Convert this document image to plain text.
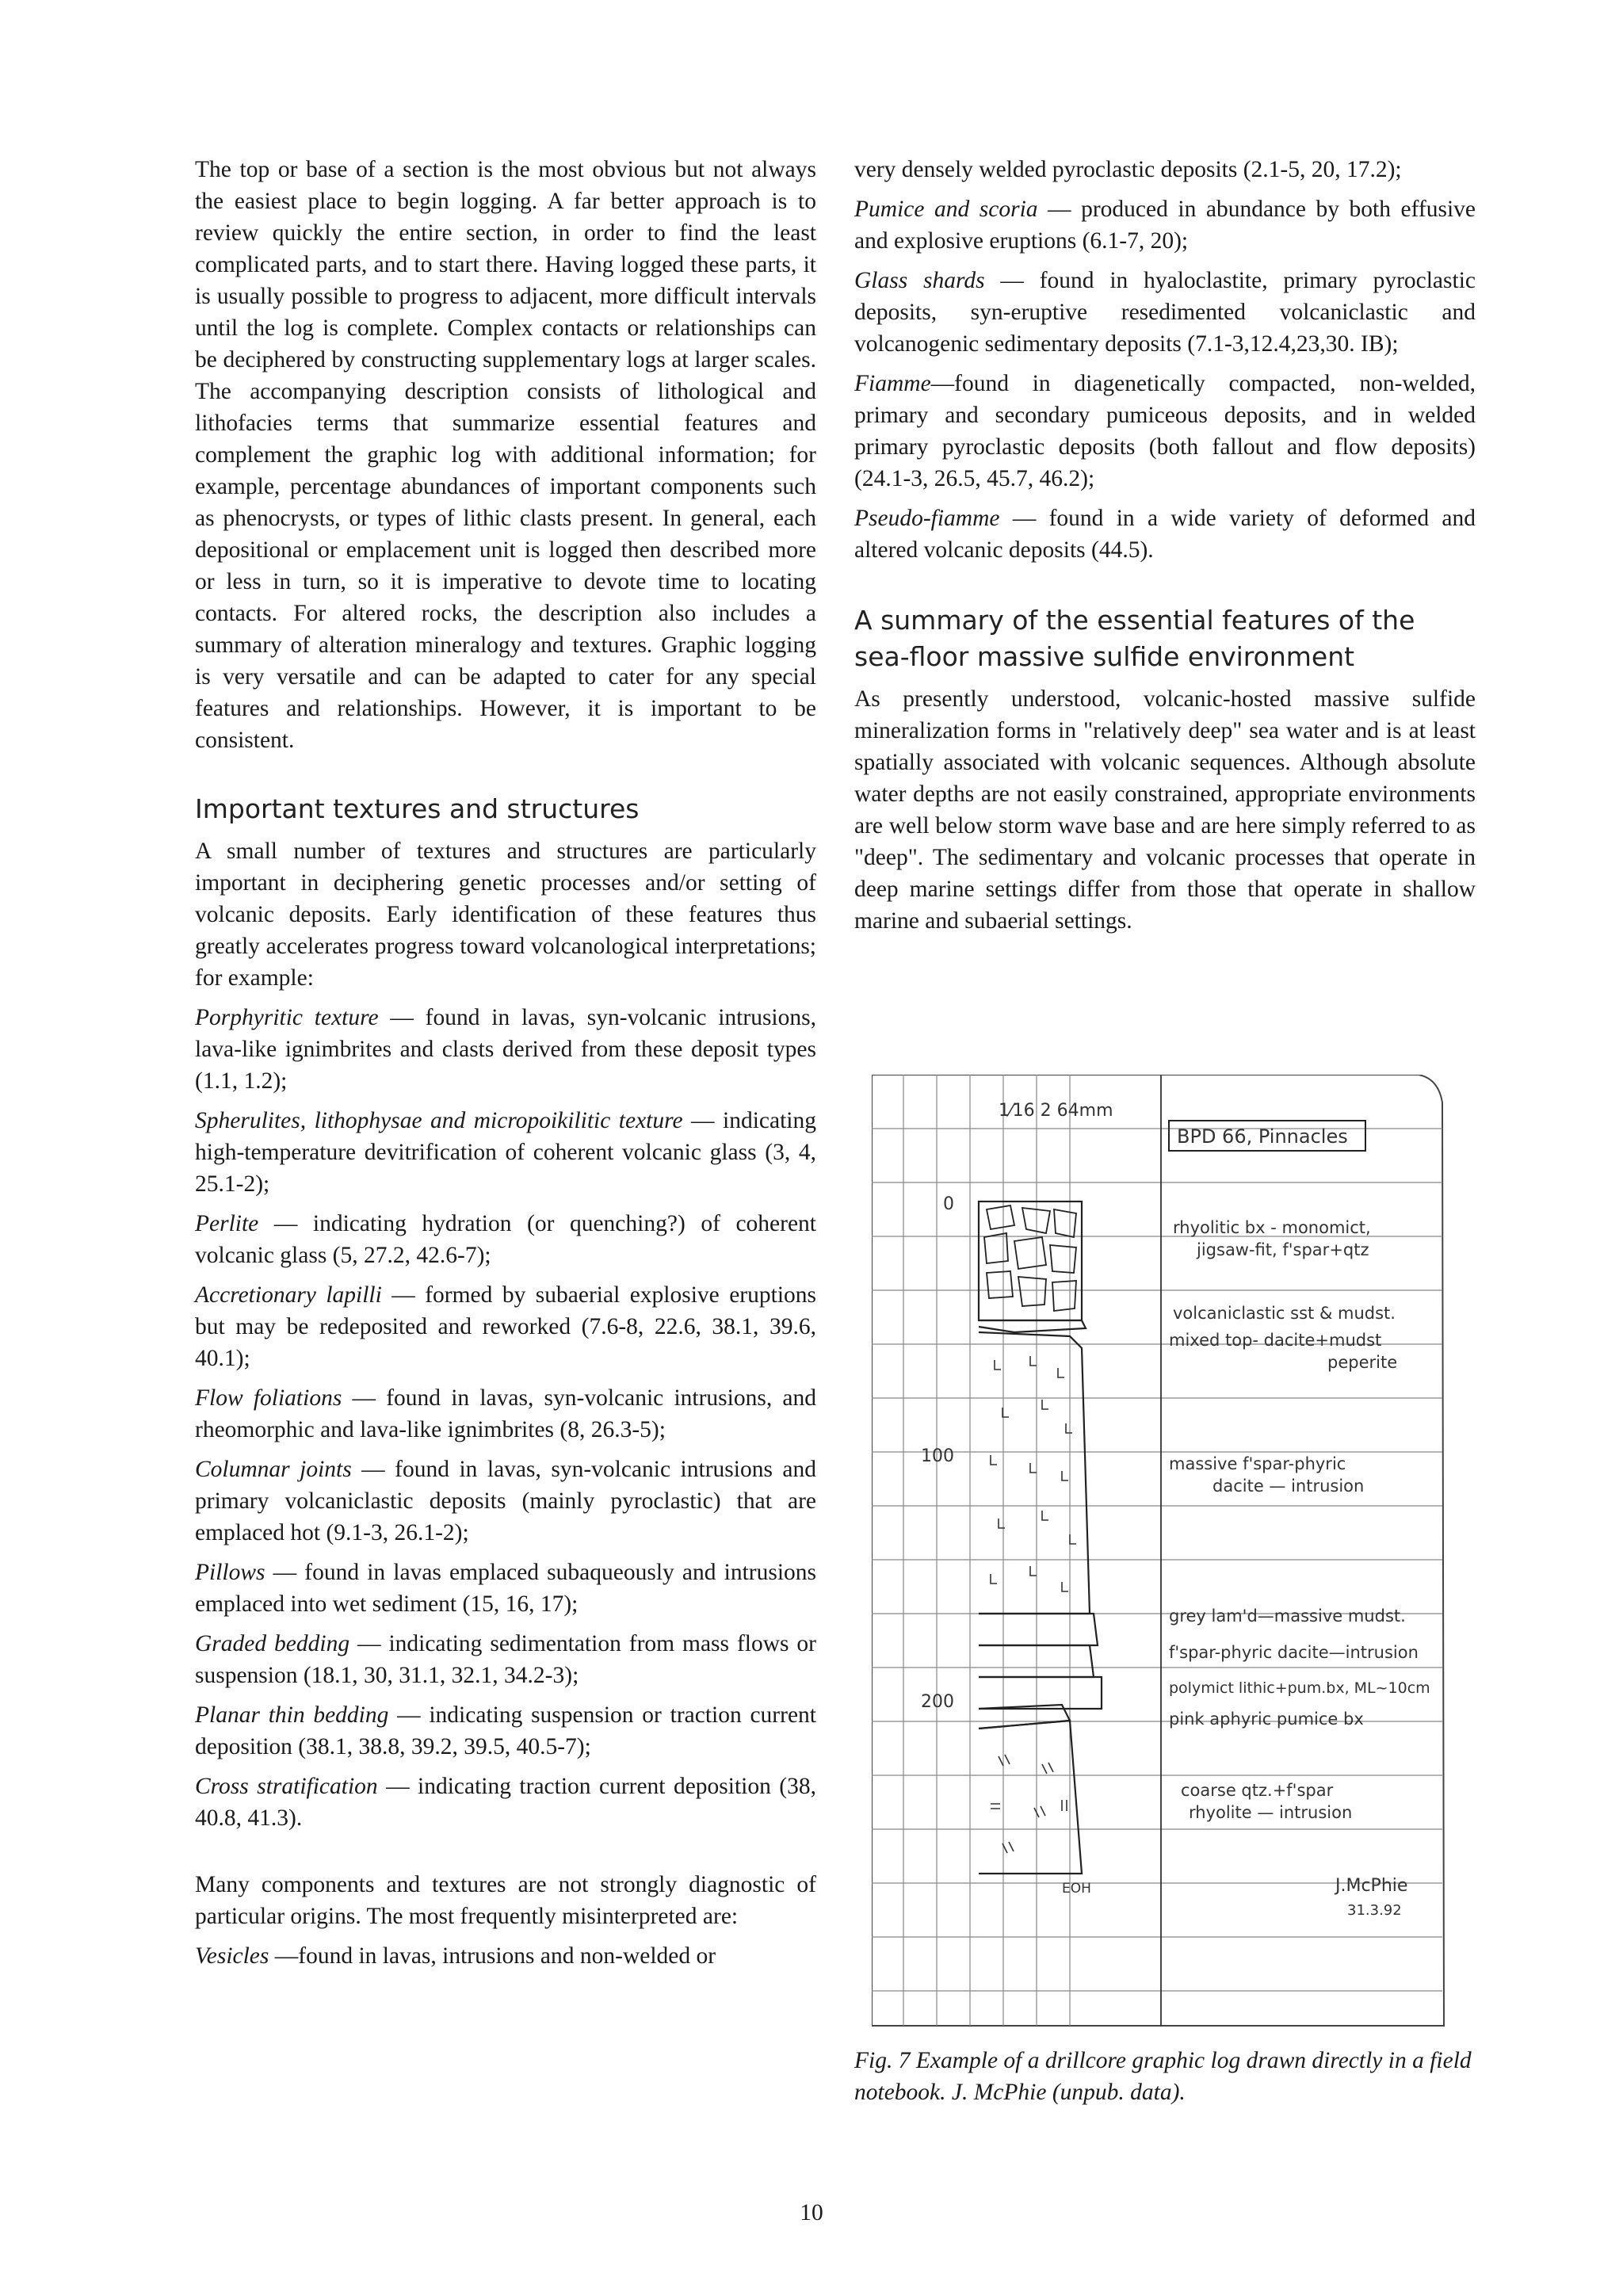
The top or base of a section is the most obvious but not always the easiest place to begin logging. A far better approach is to review quickly the entire section, in order to find the least complicated parts, and to start there. Having logged these parts, it is usually possible to progress to adjacent, more difficult intervals until the log is complete. Complex contacts or relationships can be deciphered by constructing supplementary logs at larger scales. The accompanying description consists of lithological and lithofacies terms that summarize essential features and complement the graphic log with additional information; for example, percentage abundances of important components such as phenocrysts, or types of lithic clasts present. In general, each depositional or emplacement unit is logged then described more or less in turn, so it is imperative to devote time to locating contacts. For altered rocks, the description also includes a summary of alteration mineralogy and textures. Graphic logging is very versatile and can be adapted to cater for any special features and relationships. However, it is important to be consistent.

Important textures and structures

A small number of textures and structures are particularly important in deciphering genetic processes and/or setting of volcanic deposits. Early identification of these features thus greatly accelerates progress toward volcanological interpretations; for example:

Porphyritic texture — found in lavas, syn-volcanic intrusions, lava-like ignimbrites and clasts derived from these deposit types (1.1, 1.2);

Spherulites, lithophysae and micropoikilitic texture — indicating high-temperature devitrification of coherent volcanic glass (3, 4, 25.1-2);

Perlite — indicating hydration (or quenching?) of coherent volcanic glass (5, 27.2, 42.6-7);

Accretionary lapilli — formed by subaerial explosive eruptions but may be redeposited and reworked (7.6-8, 22.6, 38.1, 39.6, 40.1);

Flow foliations — found in lavas, syn-volcanic intrusions, and rheomorphic and lava-like ignimbrites (8, 26.3-5);

Columnar joints — found in lavas, syn-volcanic intrusions and primary volcaniclastic deposits (mainly pyroclastic) that are emplaced hot (9.1-3, 26.1-2);

Pillows — found in lavas emplaced subaqueously and intrusions emplaced into wet sediment (15, 16, 17);

Graded bedding — indicating sedimentation from mass flows or suspension (18.1, 30, 31.1, 32.1, 34.2-3);

Planar thin bedding — indicating suspension or traction current deposition (38.1, 38.8, 39.2, 39.5, 40.5-7);

Cross stratification — indicating traction current deposition (38, 40.8, 41.3).

Many components and textures are not strongly diagnostic of particular origins. The most frequently misinterpreted are:

Vesicles —found in lavas, intrusions and non-welded or

very densely welded pyroclastic deposits (2.1-5, 20, 17.2);

Pumice and scoria — produced in abundance by both effusive and explosive eruptions (6.1-7, 20);

Glass shards — found in hyaloclastite, primary pyroclastic deposits, syn-eruptive resedimented volcaniclastic and volcanogenic sedimentary deposits (7.1-3,12.4,23,30. IB);

Fiamme—found in diagenetically compacted, non-welded, primary and secondary pumiceous deposits, and in welded primary pyroclastic deposits (both fallout and flow deposits) (24.1-3, 26.5, 45.7, 46.2);

Pseudo-fiamme — found in a wide variety of deformed and altered volcanic deposits (44.5).

A summary of the essential features of the sea-floor massive sulfide environment

As presently understood, volcanic-hosted massive sulfide mineralization forms in "relatively deep" sea water and is at least spatially associated with volcanic sequences. Although absolute water depths are not easily constrained, appropriate environments are well below storm wave base and are here simply referred to as "deep". The sedimentary and volcanic processes that operate in deep marine settings differ from those that operate in shallow marine and subaerial settings.

1⁄16 2 64mm
0
100
200
EOH
BPD 66, Pinnacles
rhyolitic bx - monomict,
jigsaw-fit, f'spar+qtz
volcaniclastic sst & mudst.
mixed top- dacite+mudst
peperite
massive f'spar-phyric
dacite — intrusion
grey lam'd—massive mudst.
f'spar-phyric dacite—intrusion
polymict lithic+pum.bx, ML~10cm
pink aphyric pumice bx
coarse qtz.+f'spar
rhyolite — intrusion
J.McPhie
31.3.92
Fig. 7 Example of a drillcore graphic log drawn directly in a field notebook. J. McPhie (unpub. data).
10
